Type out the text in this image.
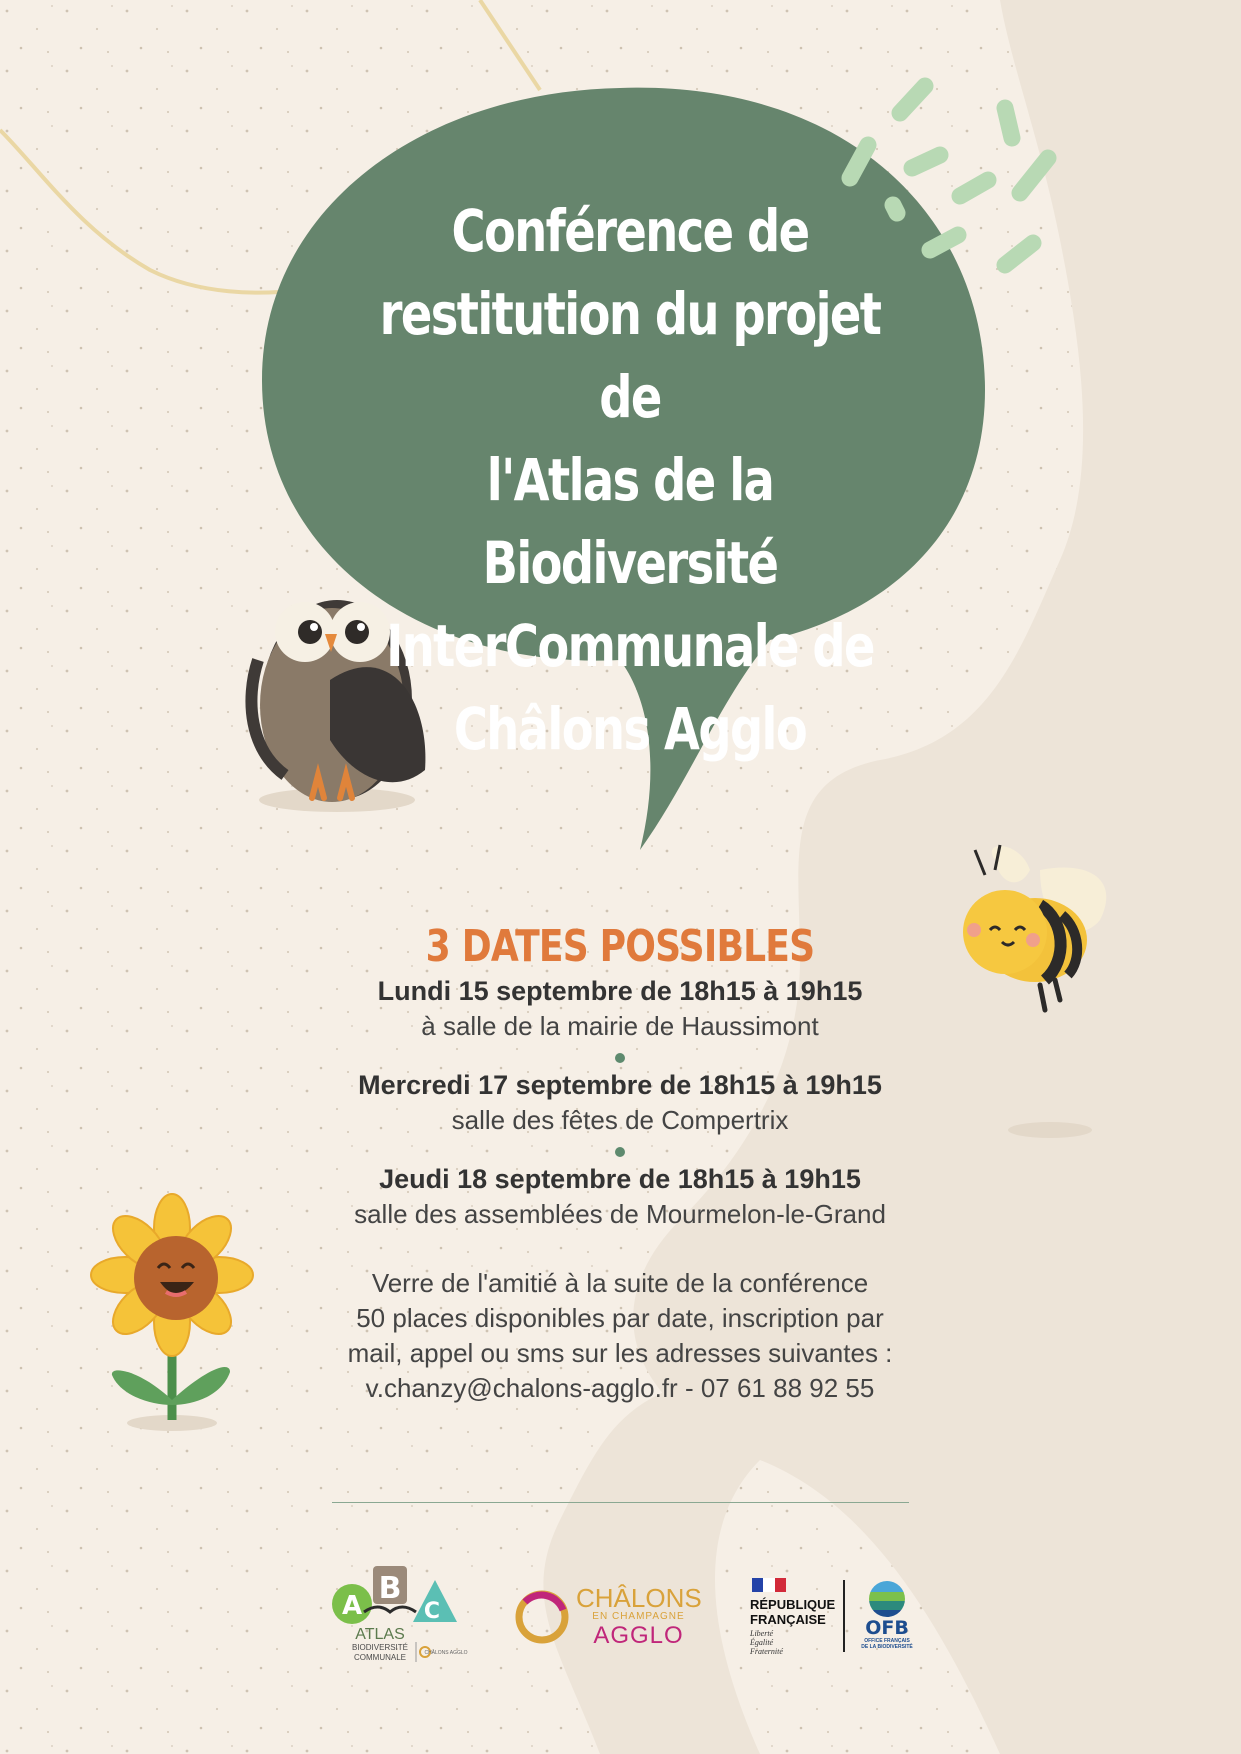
Conférence de
restitution du projet de
l'Atlas de la Biodiversité
InterCommunale de
Châlons Agglo
3 DATES POSSIBLES
Lundi 15 septembre de 18h15 à 19h15
à salle de la mairie de Haussimont
Mercredi 17 septembre de 18h15 à 19h15
salle des fêtes de Compertrix
Jeudi 18 septembre de 18h15 à 19h15
salle des assemblées de Mourmelon-le-Grand
Verre de l'amitié à la suite de la conférence
50 places disponibles par date, inscription par
mail, appel ou sms sur les adresses suivantes :
v.chanzy@chalons-agglo.fr - 07 61 88 92 55
A B
C
ATLAS
BIODIVERSITÉ
COMMUNALE	CHÂLONS AGGLO
CHÂLONS
EN CHAMPAGNE
AGGLO
RÉPUBLIQUE
FRANÇAISE
Liberté
Égalité
Fraternité
OFB
OFFICE FRANÇAIS
DE LA BIODIVERSITÉ
